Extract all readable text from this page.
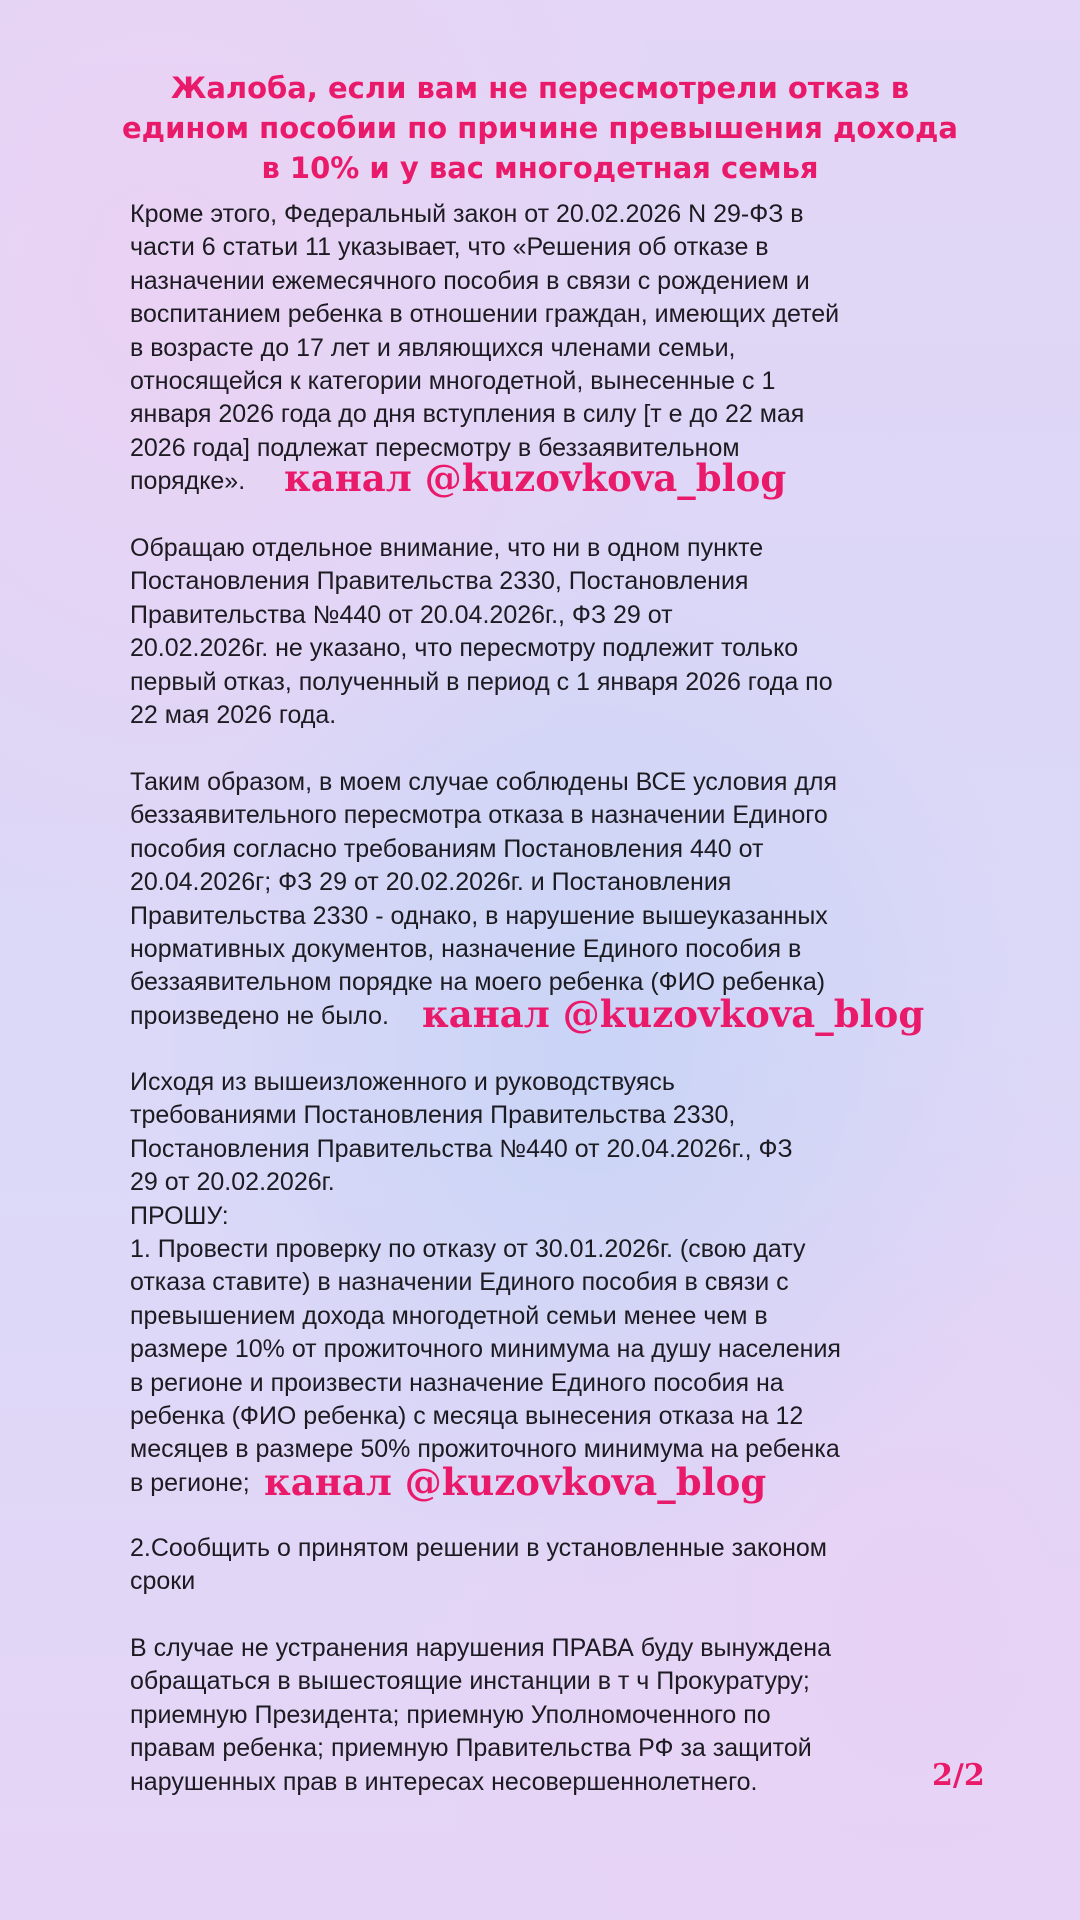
Жалоба, если вам не пересмотрели отказ в едином пособии по причине превышения дохода в 10% и у вас многодетная семья

Кроме этого, Федеральный закон от 20.02.2026 N 29-ФЗ в
части 6 статьи 11 указывает, что «Решения об отказе в
назначении ежемесячного пособия в связи с рождением и
воспитанием ребенка в отношении граждан, имеющих детей
в возрасте до 17 лет и являющихся членами семьи,
относящейся к категории многодетной, вынесенные с 1
января 2026 года до дня вступления в силу [т е до 22 мая
2026 года] подлежат пересмотру в беззаявительном
порядке».

Обращаю отдельное внимание, что ни в одном пункте
Постановления Правительства 2330, Постановления
Правительства №440 от 20.04.2026г., ФЗ 29 от
20.02.2026г. не указано, что пересмотру подлежит только
первый отказ, полученный в период с 1 января 2026 года по
22 мая 2026 года.

Таким образом, в моем случае соблюдены ВСЕ условия для
беззаявительного пересмотра отказа в назначении Единого
пособия согласно требованиям Постановления 440 от
20.04.2026г; ФЗ 29 от 20.02.2026г. и Постановления
Правительства 2330 - однако, в нарушение вышеуказанных
нормативных документов, назначение Единого пособия в
беззаявительном порядке на моего ребенка (ФИО ребенка)
произведено не было.

Исходя из вышеизложенного и руководствуясь
требованиями Постановления Правительства 2330,
Постановления Правительства №440 от 20.04.2026г., ФЗ
29 от 20.02.2026г.
ПРОШУ:
1. Провести проверку по отказу от 30.01.2026г. (свою дату
отказа ставите) в назначении Единого пособия в связи с
превышением дохода многодетной семьи менее чем в
размере 10% от прожиточного минимума на душу населения
в регионе и произвести назначение Единого пособия на
ребенка (ФИО ребенка) с месяца вынесения отказа на 12
месяцев в размере 50% прожиточного минимума на ребенка
в регионе;

2.Сообщить о принятом решении в установленные законом
сроки

В случае не устранения нарушения ПРАВА буду вынуждена
обращаться в вышестоящие инстанции в т ч Прокуратуру;
приемную Президента; приемную Уполномоченного по
правам ребенка; приемную Правительства РФ за защитой
нарушенных прав в интересах несовершеннолетнего.

канал @kuzovkova_blog
канал @kuzovkova_blog
канал @kuzovkova_blog
2/2
